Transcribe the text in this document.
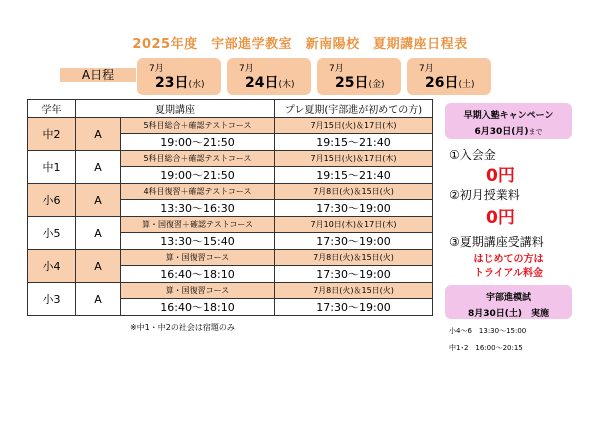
2025年度　宇部進学教室　新南陽校　夏期講座日程表
A日程	7月
23日(水)
7月
24日(木)
7月
25日(金)
7月
26日(土)
学年	夏期講座		プレ夏期(宇部進が初めての方)
中2	A	5科目総合＋確認テストコース	7月15日(火)＆17日(木)
		19:00～21:50	19:15～21:40
中1	A	5科目総合＋確認テストコース	7月15日(火)＆17日(木)
		19:00～21:50	19:15～21:40
小6	A	4科目復習＋確認テストコース	7月8日(火)＆15日(火)
		13:30～16:30	17:30～19:00
小5	A	算・国復習＋確認テストコース	7月10日(木)＆17日(木)
		13:30～15:40	17:30～19:00
小4	A	算・国復習コース	7月8日(火)＆15日(火)
		16:40～18:10	17:30～19:00
小3	A	算・国復習コース	7月8日(火)＆15日(火)
		16:40～18:10	17:30～19:00
※中1・中2の社会は宿題のみ
早期入塾キャンペーン
6月30日(月)まで
①入会金
0円
②初月授業料
0円
③夏期講座受講料
はじめての方は
トライアル料金
宇部進模試
8月30日(土)　実施
小4～6　13:30～15:00
中1･2　16:00～20:15
